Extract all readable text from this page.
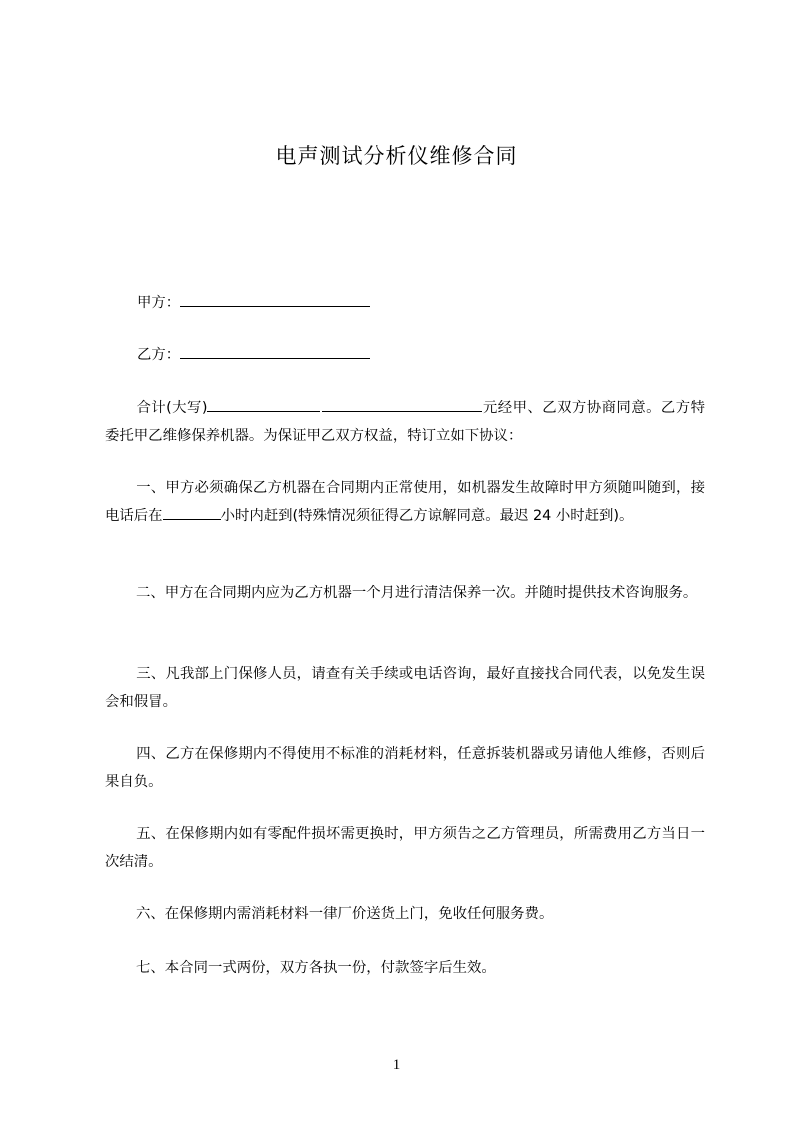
电声测试分析仪维修合同
甲方：
乙方：
合计(大写)	元经甲、乙双方协商同意。乙方特委托甲乙维修保养机器。为保证甲乙双方权益，特订立如下协议：
一、甲方必须确保乙方机器在合同期内正常使用，如机器发生故障时甲方须随叫随到，接电话后在	小时内赶到(特殊情况须征得乙方谅解同意。最迟 24 小时赶到)。
二、甲方在合同期内应为乙方机器一个月进行清洁保养一次。并随时提供技术咨询服务。
三、凡我部上门保修人员，请查有关手续或电话咨询，最好直接找合同代表，以免发生误会和假冒。
四、乙方在保修期内不得使用不标准的消耗材料，任意拆装机器或另请他人维修，否则后果自负。
五、在保修期内如有零配件损坏需更换时，甲方须告之乙方管理员，所需费用乙方当日一次结清。
六、在保修期内需消耗材料一律厂价送货上门，免收任何服务费。
七、本合同一式两份，双方各执一份，付款签字后生效。
1
